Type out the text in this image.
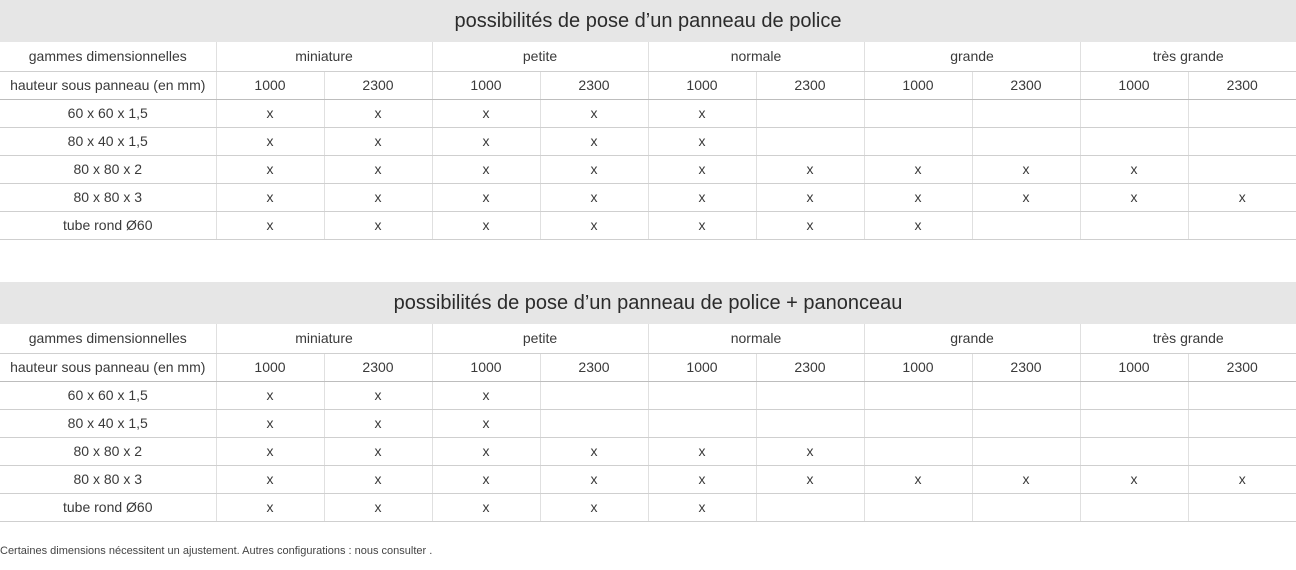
possibilités de pose d’un panneau de police
gammes dimensionnelles	miniature		petite		normale		grande		très grande	
hauteur sous panneau (en mm)	1000	2300	1000	2300	1000	2300	1000	2300	1000	2300
60 x 60 x 1,5	x	x	x	x	x					
80 x 40 x 1,5	x	x	x	x	x					
80 x 80 x 2	x	x	x	x	x	x	x	x	x	
80 x 80 x 3	x	x	x	x	x	x	x	x	x	x
tube rond Ø60	x	x	x	x	x	x	x			
possibilités de pose d’un panneau de police + panonceau
gammes dimensionnelles	miniature		petite		normale		grande		très grande	
hauteur sous panneau (en mm)	1000	2300	1000	2300	1000	2300	1000	2300	1000	2300
60 x 60 x 1,5	x	x	x							
80 x 40 x 1,5	x	x	x							
80 x 80 x 2	x	x	x	x	x	x				
80 x 80 x 3	x	x	x	x	x	x	x	x	x	x
tube rond Ø60	x	x	x	x	x					
Certaines dimensions nécessitent un ajustement. Autres configurations : nous consulter .
